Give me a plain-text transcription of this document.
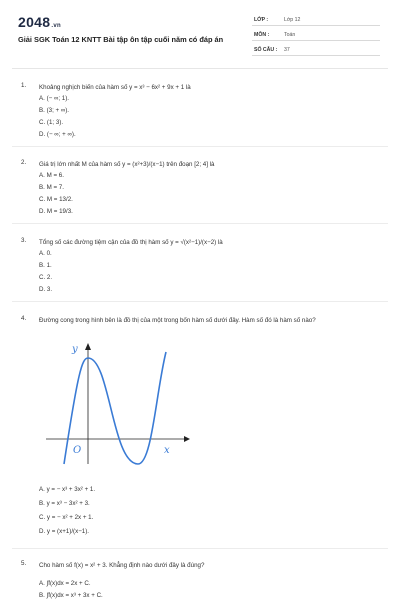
2048.vn
Giải SGK Toán 12 KNTT Bài tập ôn tập cuối năm có đáp án
LỚP :	Lớp 12
MÔN :	Toán
SỐ CÂU : 37
1. Khoảng nghịch biến của hàm số y = x³ − 6x² + 9x + 1 là
A. (− ∞; 1).
B. (3; + ∞).
C. (1; 3).
D. (− ∞; + ∞).
2. Giá trị lớn nhất M của hàm số y = (x²+3)/(x−1) trên đoạn [2; 4] là
A. M = 6.
B. M = 7.
C. M = 13/2.
D. M = 19/3.
3. Tổng số các đường tiệm cận của đồ thị hàm số y = √(x²−1)/(x−2) là
A. 0.
B. 1.
C. 2.
D. 3.
4. Đường cong trong hình bên là đồ thị của một trong bốn hàm số dưới đây. Hàm số đó là hàm số nào?
A. y = − x³ + 3x² + 1.
B. y = x³ − 3x² + 3.
C. y = − x² + 2x + 1.
D. y = (x+1)/(x−1).
y
x
O
5. Cho hàm số f(x) = x² + 3. Khẳng định nào dưới đây là đúng?
A. ∫f(x)dx = 2x + C.
B. ∫f(x)dx = x³ + 3x + C.
